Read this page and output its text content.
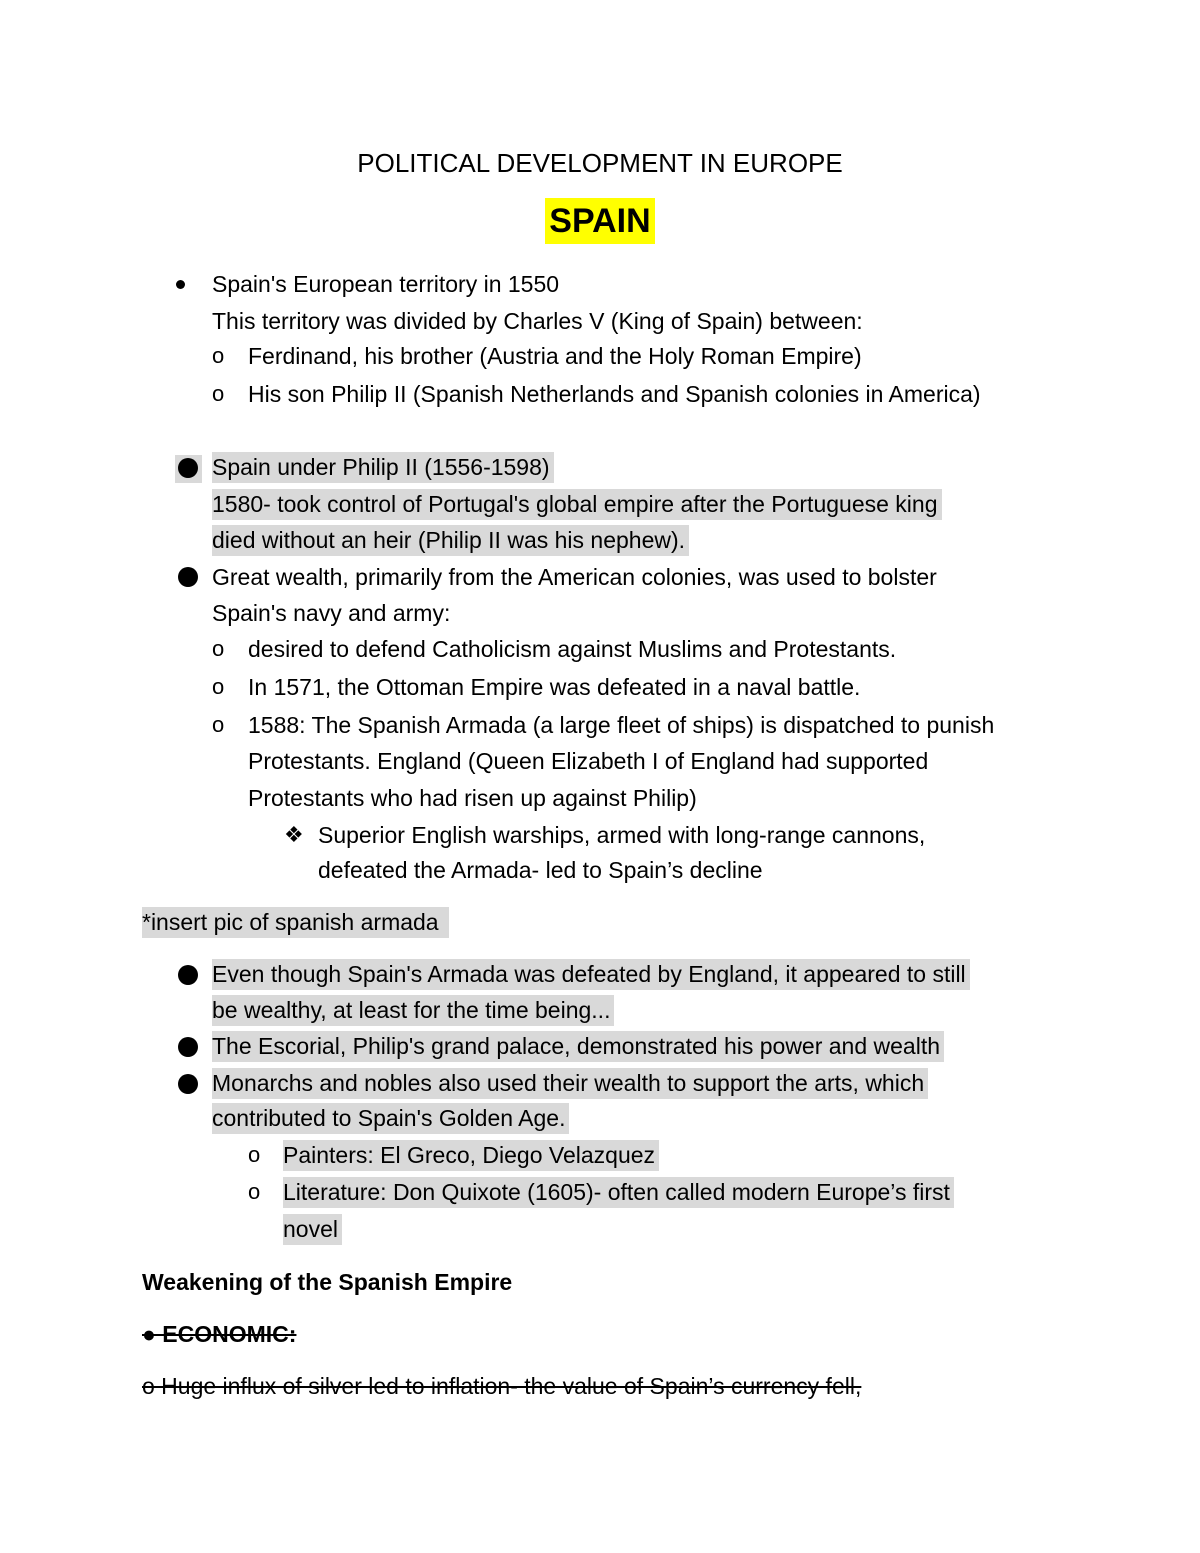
POLITICAL DEVELOPMENT IN EUROPE
SPAIN
Spain's European territory in 1550
This territory was divided by Charles V (King of Spain) between:
o Ferdinand, his brother (Austria and the Holy Roman Empire)
o His son Philip II (Spanish Netherlands and Spanish colonies in America)
Spain under Philip II (1556-1598)
1580- took control of Portugal's global empire after the Portuguese king
died without an heir (Philip II was his nephew).
Great wealth, primarily from the American colonies, was used to bolster
Spain's navy and army:
o desired to defend Catholicism against Muslims and Protestants.
o In 1571, the Ottoman Empire was defeated in a naval battle.
o 1588: The Spanish Armada (a large fleet of ships) is dispatched to punish
Protestants. England (Queen Elizabeth I of England had supported
Protestants who had risen up against Philip)
❖ Superior English warships, armed with long-range cannons,
defeated the Armada- led to Spain’s decline
*insert pic of spanish armada
Even though Spain's Armada was defeated by England, it appeared to still
be wealthy, at least for the time being...
The Escorial, Philip's grand palace, demonstrated his power and wealth
Monarchs and nobles also used their wealth to support the arts, which
contributed to Spain's Golden Age.
o Painters: El Greco, Diego Velazquez
o Literature: Don Quixote (1605)- often called modern Europe’s first
novel
Weakening of the Spanish Empire
● ECONOMIC:
o Huge influx of silver led to inflation- the value of Spain’s currency fell,
